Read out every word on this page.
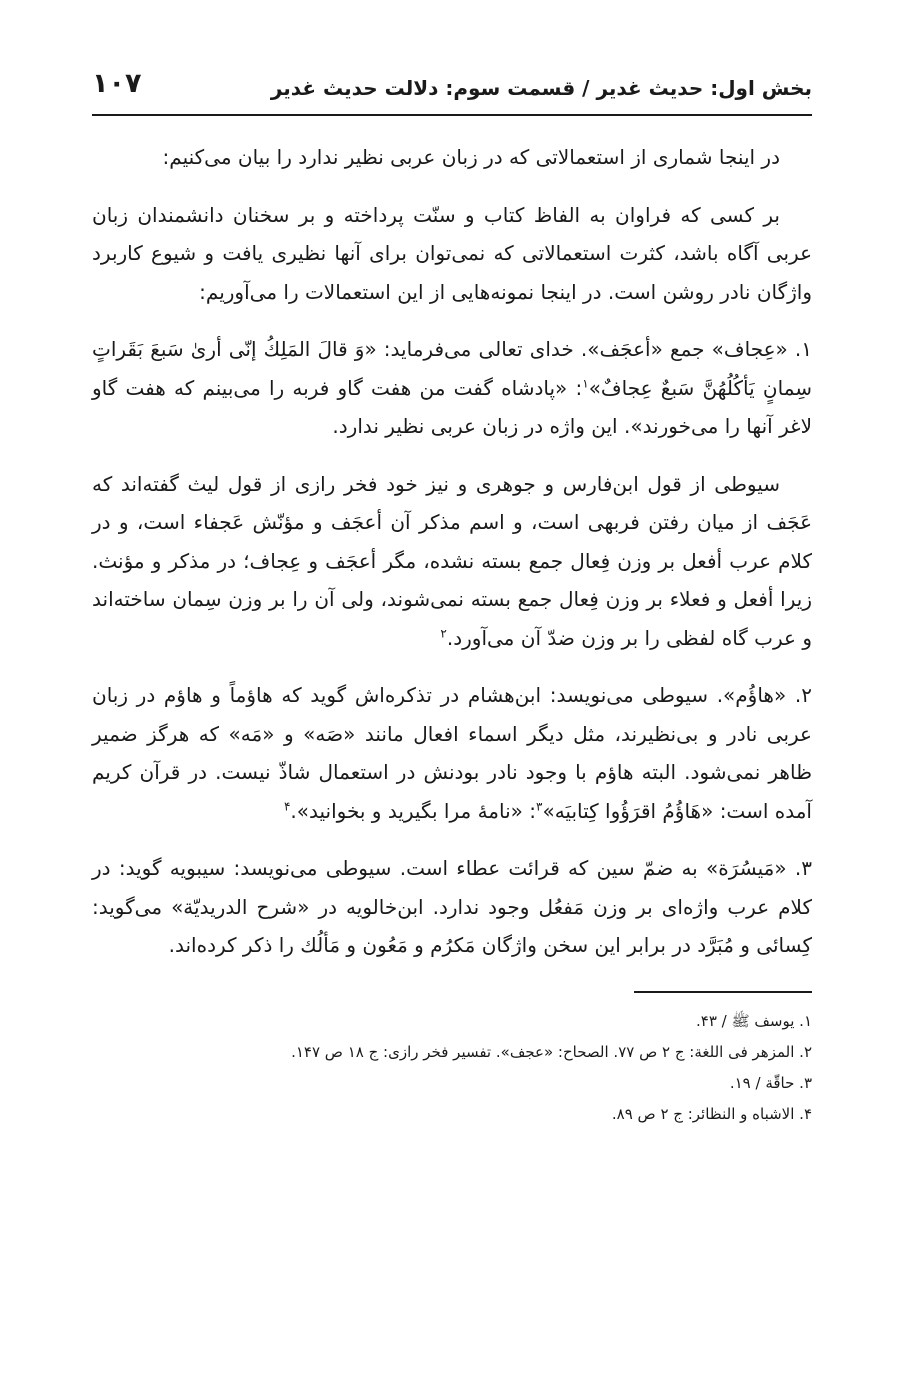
بخش اول: حدیث غدیر / قسمت سوم: دلالت حدیث غدیر
۱۰۷

در اینجا شماری از استعمالاتی که در زبان عربی نظیر ندارد را بیان می‌کنیم:

بر کسی که فراوان به الفاظ کتاب و سنّت پرداخته و بر سخنان دانشمندان زبان عربی آگاه باشد، کثرت استعمالاتی که نمی‌توان برای آنها نظیری یافت و شیوع کاربرد واژگان نادر روشن است. در اینجا نمونه‌هایی از این استعمالات را می‌آوریم:

۱. «عِجاف» جمع «أعجَف». خدای تعالی می‌فرماید: «وَ قالَ المَلِكُ إنّی أریٰ سَبعَ بَقَراتٍ سِمانٍ یَأكُلُهُنَّ سَبعٌ عِجافٌ»$^۱$: «پادشاه گفت من هفت گاو فربه را می‌بینم که هفت گاو لاغر آنها را می‌خورند». این واژه در زبان عربی نظیر ندارد.

سیوطی از قول ابن‌فارس و جوهری و نیز خود فخر رازی از قول لیث گفته‌اند که عَجَف از میان رفتن فربهی است، و اسم مذکر آن أعجَف و مؤنّش عَجفاء است، و در کلام عرب أفعل بر وزن فِعال جمع بسته نشده، مگر أعجَف و عِجاف؛ در مذکر و مؤنث. زیرا أفعل و فعلاء بر وزن فِعال جمع بسته نمی‌شوند، ولی آن را بر وزن سِمان ساخته‌اند و عرب گاه لفظی را بر وزن ضدّ آن می‌آورد.$^۲$

۲. «هاؤُم». سیوطی می‌نویسد: ابن‌هشام در تذکره‌اش گوید که هاؤماً و هاؤم در زبان عربی نادر و بی‌نظیرند، مثل دیگر اسماء افعال مانند «صَه» و «مَه» که هرگز ضمیر ظاهر نمی‌شود. البته هاؤم با وجود نادر بودنش در استعمال شاذّ نیست. در قرآن کریم آمده است: «هَاؤُمُ اقرَؤُوا کِتابیَه»$^۳$: «نامهٔ مرا بگیرید و بخوانید».$^۴$

۳. «مَیسُرَة» به ضمّ سین که قرائت عطاء است. سیوطی می‌نویسد: سیبویه گوید: در کلام عرب واژه‌ای بر وزن مَفعُل وجود ندارد. ابن‌خالویه در «شرح الدریدیّة» می‌گوید: کِسائی و مُبَرَّد در برابر این سخن واژگان مَکرُم و مَعُون و مَألُك را ذکر کرده‌اند.

۱. یوسف ﷺ / ۴۳.

۲. المزهر فی اللغة: ج ۲ ص ۷۷. الصحاح: «عجف». تفسیر فخر رازی: ج ۱۸ ص ۱۴۷.

۳. حاقّة / ۱۹.

۴. الاشباه و النظائر: ج ۲ ص ۸۹.
